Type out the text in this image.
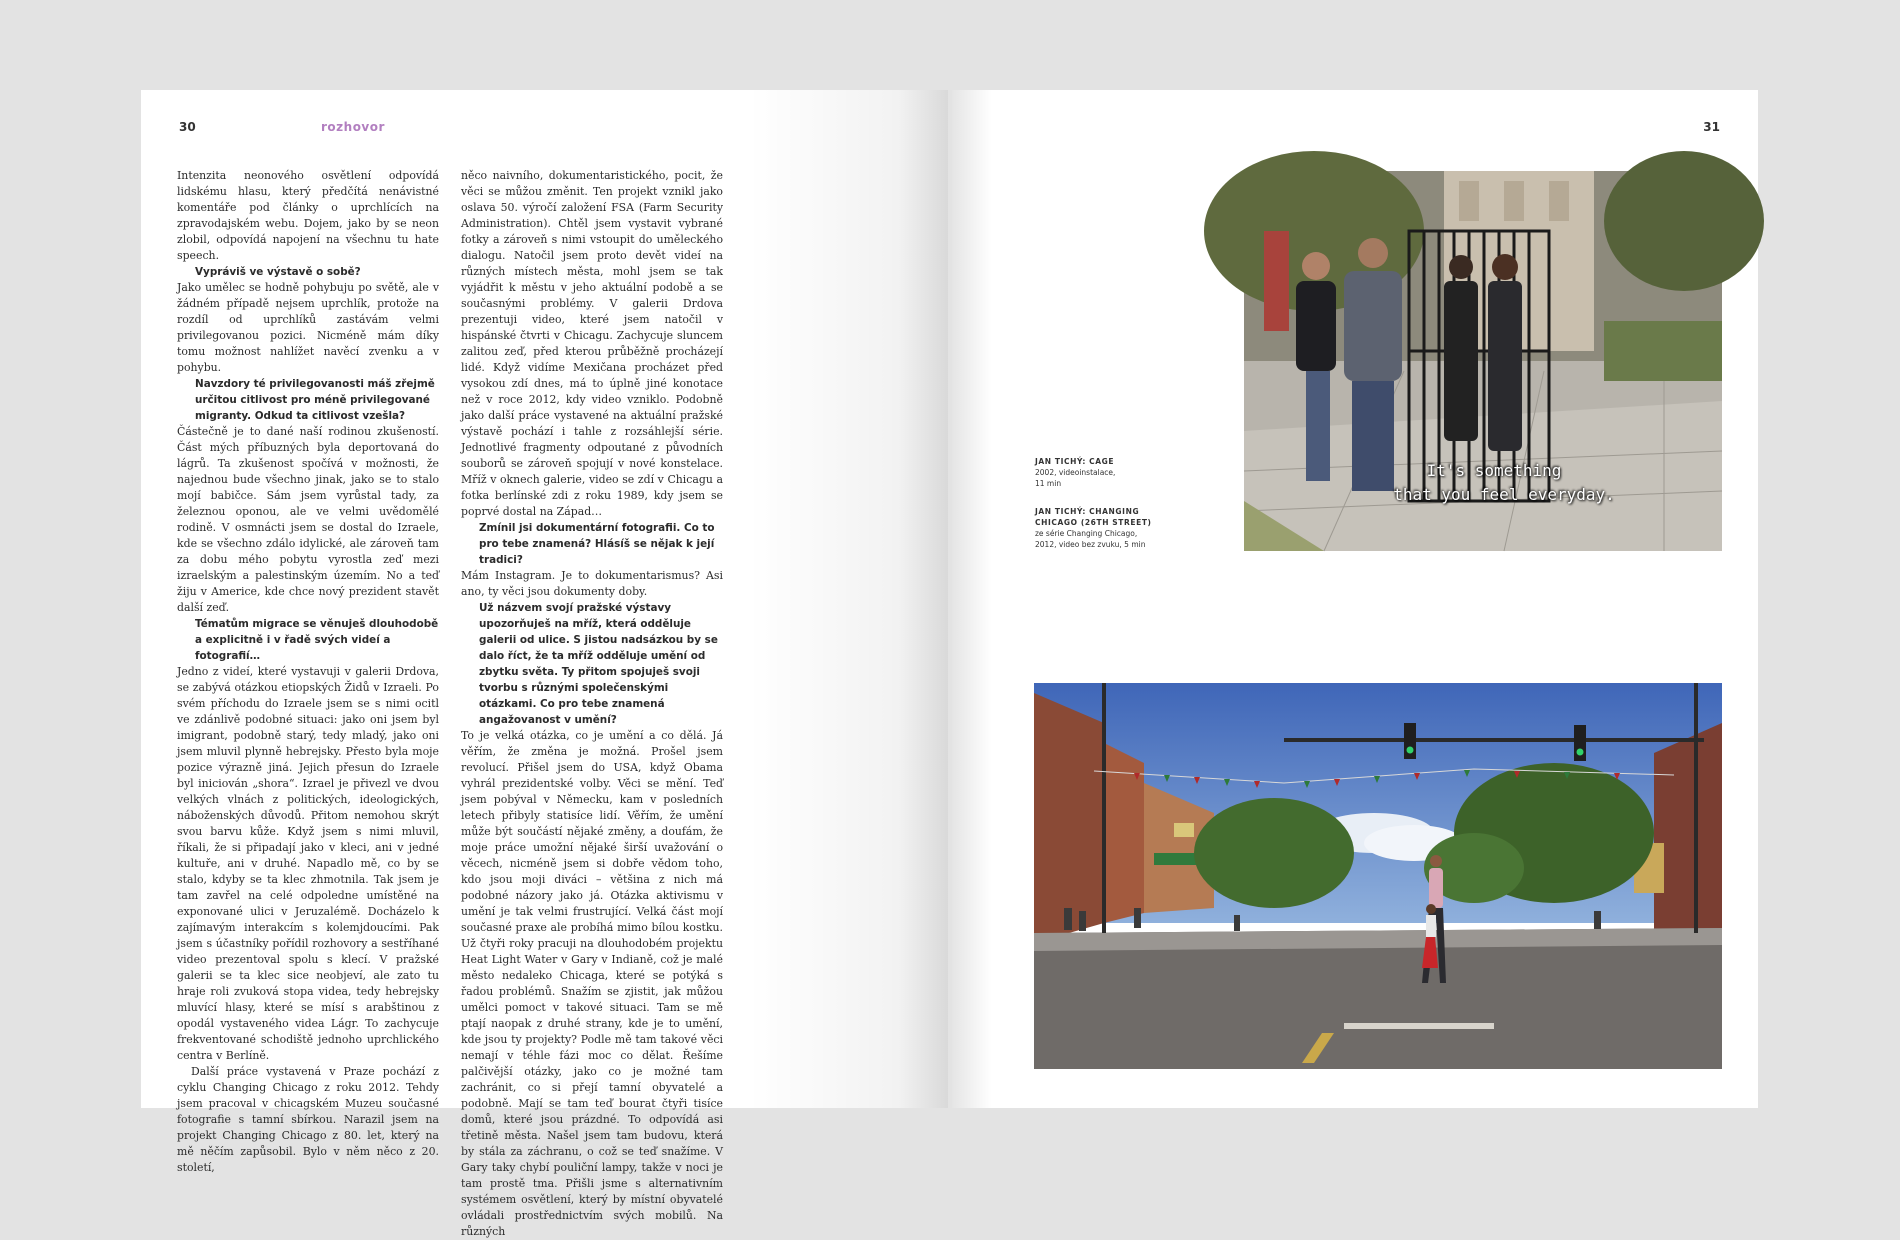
30	rozhovor

Intenzita neonového osvětlení odpovídá lidskému hlasu, který předčítá nenávistné komentáře pod články o uprchlících na zpravodajském webu. Dojem, jako by se neon zlobil, odpovídá napojení na všechnu tu hate speech.

Vypráviš ve výstavě o sobě?

Jako umělec se hodně pohybuju po světě, ale v žádném případě nejsem uprchlík, protože na rozdíl od uprchlíků zastávám velmi privilegovanou pozici. Nicméně mám díky tomu možnost nahlížet navěcí zvenku a v pohybu.

Navzdory té privilegovanosti máš zřejmě určitou citlivost pro méně privilegované migranty. Odkud ta citlivost vzešla?

Částečně je to dané naší rodinou zkušeností. Část mých příbuzných byla deportovaná do lágrů. Ta zkušenost spočívá v možnosti, že najednou bude všechno jinak, jako se to stalo mojí babičce. Sám jsem vyrůstal tady, za železnou oponou, ale ve velmi uvědomělé rodině. V osmnácti jsem se dostal do Izraele, kde se všechno zdálo idylické, ale zároveň tam za dobu mého pobytu vyrostla zeď mezi izraelským a palestinským územím. No a teď žiju v Americe, kde chce nový prezident stavět další zeď.

Tématům migrace se věnuješ dlouhodobě a explicitně i v řadě svých videí a fotografií…

Jedno z videí, které vystavuji v galerii Drdova, se zabývá otázkou etiopských Židů v Izraeli. Po svém příchodu do Izraele jsem se s nimi ocitl ve zdánlivě podobné situaci: jako oni jsem byl imigrant, podobně starý, tedy mladý, jako oni jsem mluvil plynně hebrejsky. Přesto byla moje pozice výrazně jiná. Jejich přesun do Izraele byl iniciován „shora“. Izrael je přivezl ve dvou velkých vlnách z politických, ideologických, náboženských důvodů. Přitom nemohou skrýt svou barvu kůže. Když jsem s nimi mluvil, říkali, že si připadají jako v kleci, ani v jedné kultuře, ani v druhé. Napadlo mě, co by se stalo, kdyby se ta klec zhmotnila. Tak jsem je tam zavřel na celé odpoledne umístěné na exponované ulici v Jeruzalémě. Docházelo k zajímavým interakcím s kolemjdoucími. Pak jsem s účastníky pořídil rozhovory a sestříhané video prezentoval spolu s klecí. V pražské galerii se ta klec sice neobjeví, ale zato tu hraje roli zvuková stopa videa, tedy hebrejsky mluvící hlasy, které se mísí s arabštinou z opodál vystaveného videa Lágr. To zachycuje frekventované schodiště jednoho uprchlického centra v Berlíně.

Další práce vystavená v Praze pochází z cyklu Changing Chicago z roku 2012. Tehdy jsem pracoval v chicagském Muzeu současné fotografie s tamní sbírkou. Narazil jsem na projekt Changing Chicago z 80. let, který na mě něčím zapůsobil. Bylo v něm něco z 20. století,

něco naivního, dokumentaristického, pocit, že věci se můžou změnit. Ten projekt vznikl jako oslava 50. výročí založení FSA (Farm Security Administration). Chtěl jsem vystavit vybrané fotky a zároveň s nimi vstoupit do uměleckého dialogu. Natočil jsem proto devět videí na různých místech města, mohl jsem se tak vyjádřit k městu v jeho aktuální podobě a se současnými problémy. V galerii Drdova prezentuji video, které jsem natočil v hispánské čtvrti v Chicagu. Zachycuje sluncem zalitou zeď, před kterou průběžně procházejí lidé. Když vidíme Mexičana procházet před vysokou zdí dnes, má to úplně jiné konotace než v roce 2012, kdy video vzniklo. Podobně jako další práce vystavené na aktuální pražské výstavě pochází i tahle z rozsáhlejší série. Jednotlivé fragmenty odpoutané z původních souborů se zároveň spojují v nové konstelace. Mříž v oknech galerie, video se zdí v Chicagu a fotka berlínské zdi z roku 1989, kdy jsem se poprvé dostal na Západ…

Zmínil jsi dokumentární fotografii. Co to pro tebe znamená? Hlásíš se nějak k její tradici?

Mám Instagram. Je to dokumentarismus? Asi ano, ty věci jsou dokumenty doby.

Už názvem svojí pražské výstavy upozorňuješ na mříž, která odděluje galerii od ulice. S jistou nadsázkou by se dalo říct, že ta mříž odděluje umění od zbytku světa. Ty přitom spojuješ svoji tvorbu s různými společenskými otázkami. Co pro tebe znamená angažovanost v umění?

To je velká otázka, co je umění a co dělá. Já věřím, že změna je možná. Prošel jsem revolucí. Přišel jsem do USA, když Obama vyhrál prezidentské volby. Věci se mění. Teď jsem pobýval v Německu, kam v posledních letech přibyly statisíce lidí. Věřím, že umění může být součástí nějaké změny, a doufám, že moje práce umožní nějaké širší uvažování o věcech, nicméně jsem si dobře vědom toho, kdo jsou moji diváci – většina z nich má podobné názory jako já. Otázka aktivismu v umění je tak velmi frustrující. Velká část mojí současné praxe ale probíhá mimo bílou kostku. Už čtyři roky pracuji na dlouhodobém projektu Heat Light Water v Gary v Indianě, což je malé město nedaleko Chicaga, které se potýká s řadou problémů. Snažím se zjistit, jak můžou umělci pomoct v takové situaci. Tam se mě ptají naopak z druhé strany, kde je to umění, kde jsou ty projekty? Podle mě tam takové věci nemají v téhle fázi moc co dělat. Řešíme palčivější otázky, jako co je možné tam zachránit, co si přejí tamní obyvatelé a podobně. Mají se tam teď bourat čtyři tisíce domů, které jsou prázdné. To odpovídá asi třetině města. Našel jsem tam budovu, která by stála za záchranu, o což se teď snažíme. V Gary taky chybí pouliční lampy, takže v noci je tam prostě tma. Přišli jsme s alternativním systémem osvětlení, který by místní obyvatelé ovládali prostřednictvím svých mobilů. Na různých

31
It's something
that you feel everyday.
JAN TICHÝ: CAGE
2002, videoinstalace,
11 min
JAN TICHÝ: CHANGING
CHICAGO (26TH STREET)
ze série Changing Chicago,
2012, video bez zvuku, 5 min
